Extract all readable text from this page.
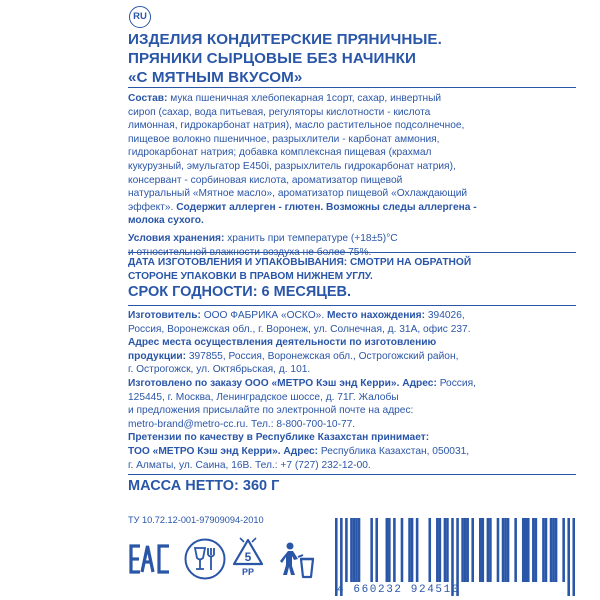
RU
ИЗДЕЛИЯ КОНДИТЕРСКИЕ ПРЯНИЧНЫЕ.
ПРЯНИКИ СЫРЦОВЫЕ БЕЗ НАЧИНКИ
«С МЯТНЫМ ВКУСОМ»
Состав: мука пшеничная хлебопекарная 1сорт, сахар, инвертный
сироп (сахар, вода питьевая, регуляторы кислотности - кислота
лимонная, гидрокарбонат натрия), масло растительное подсолнечное,
пищевое волокно пшеничное, разрыхлители - карбонат аммония,
гидрокарбонат натрия; добавка комплексная пищевая (крахмал
кукурузный, эмульгатор Е450i, разрыхлитель гидрокарбонат натрия),
консервант - сорбиновая кислота, ароматизатор пищевой
натуральный «Мятное масло», ароматизатор пищевой «Охлаждающий
эффект». Содержит аллерген - глютен. Возможны следы аллергена -
молока сухого.
Условия хранения: хранить при температуре (+18±5)°С
и относительной влажности воздуха не более 75%.
ДАТА ИЗГОТОВЛЕНИЯ И УПАКОВЫВАНИЯ: СМОТРИ НА ОБРАТНОЙ
СТОРОНЕ УПАКОВКИ В ПРАВОМ НИЖНЕМ УГЛУ.
СРОК ГОДНОСТИ: 6 МЕСЯЦЕВ.
Изготовитель: ООО ФАБРИКА «ОСКО». Место нахождения: 394026,
Россия, Воронежская обл., г. Воронеж, ул. Солнечная, д. 31А, офис 237.
Адрес места осуществления деятельности по изготовлению
продукции: 397855, Россия, Воронежская обл., Острогожский район,
г. Острогожск, ул. Октябрьская, д. 101.
Изготовлено по заказу ООО «МЕТРО Кэш энд Керри». Адрес: Россия,
125445, г. Москва, Ленинградское шоссе, д. 71Г. Жалобы
и предложения присылайте по электронной почте на адрес:
metro-brand@metro-cc.ru. Тел.: 8-800-700-10-77.
Претензии по качеству в Республике Казахстан принимает:
ТОО «МЕТРО Кэш энд Керри». Адрес: Республика Казахстан, 050031,
г. Алматы, ул. Саина, 16В. Тел.: +7 (727) 232-12-00.
МАССА НЕТТО: 360 Г
ТУ 10.72.12-001-97909094-2010
5
PP
4 660232 924510
